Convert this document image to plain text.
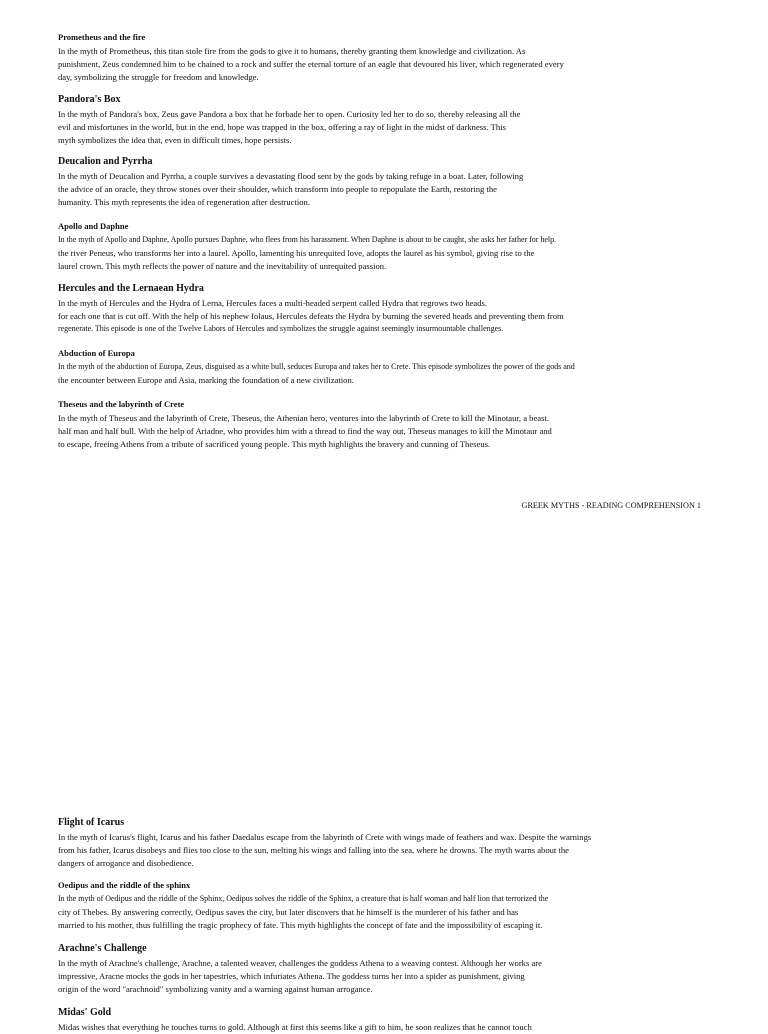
Prometheus and the fire

In the myth of Prometheus, this titan stole fire from the gods to give it to humans, thereby granting them knowledge and civilization. As

punishment, Zeus condemned him to be chained to a rock and suffer the eternal torture of an eagle that devoured his liver, which regenerated every

day, symbolizing the struggle for freedom and knowledge.

Pandora's Box

In the myth of Pandora's box, Zeus gave Pandora a box that he forbade her to open. Curiosity led her to do so, thereby releasing all the

evil and misfortunes in the world, but in the end, hope was trapped in the box, offering a ray of light in the midst of darkness. This

myth symbolizes the idea that, even in difficult times, hope persists.

Deucalion and Pyrrha

In the myth of Deucalion and Pyrrha, a couple survives a devastating flood sent by the gods by taking refuge in a boat. Later, following

the advice of an oracle, they throw stones over their shoulder, which transform into people to repopulate the Earth, restoring the

humanity. This myth represents the idea of regeneration after destruction.

Apollo and Daphne

In the myth of Apollo and Daphne, Apollo pursues Daphne, who flees from his harassment. When Daphne is about to be caught, she asks her father for help.

the river Peneus, who transforms her into a laurel. Apollo, lamenting his unrequited love, adopts the laurel as his symbol, giving rise to the

laurel crown. This myth reflects the power of nature and the inevitability of unrequited passion.

Hercules and the Lernaean Hydra

In the myth of Hercules and the Hydra of Lerna, Hercules faces a multi-headed serpent called Hydra that regrows two heads.

for each one that is cut off. With the help of his nephew Iolaus, Hercules defeats the Hydra by burning the severed heads and preventing them from

regenerate. This episode is one of the Twelve Labors of Hercules and symbolizes the struggle against seemingly insurmountable challenges.

Abduction of Europa

In the myth of the abduction of Europa, Zeus, disguised as a white bull, seduces Europa and takes her to Crete. This episode symbolizes the power of the gods and

the encounter between Europe and Asia, marking the foundation of a new civilization.

Theseus and the labyrinth of Crete

In the myth of Theseus and the labyrinth of Crete, Theseus, the Athenian hero, ventures into the labyrinth of Crete to kill the Minotaur, a beast.

half man and half bull. With the help of Ariadne, who provides him with a thread to find the way out, Theseus manages to kill the Minotaur and

to escape, freeing Athens from a tribute of sacrificed young people. This myth highlights the bravery and cunning of Theseus.

GREEK MYTHS - READING COMPREHENSION 1
Flight of Icarus

In the myth of Icarus's flight, Icarus and his father Daedalus escape from the labyrinth of Crete with wings made of feathers and wax. Despite the warnings

from his father, Icarus disobeys and flies too close to the sun, melting his wings and falling into the sea, where he drowns. The myth warns about the

dangers of arrogance and disobedience.

Oedipus and the riddle of the sphinx

In the myth of Oedipus and the riddle of the Sphinx, Oedipus solves the riddle of the Sphinx, a creature that is half woman and half lion that terrorized the

city of Thebes. By answering correctly, Oedipus saves the city, but later discovers that he himself is the murderer of his father and has

married to his mother, thus fulfilling the tragic prophecy of fate. This myth highlights the concept of fate and the impossibility of escaping it.

Arachne's Challenge

In the myth of Arachne's challenge, Arachne, a talented weaver, challenges the goddess Athena to a weaving contest. Although her works are

impressive, Aracne mocks the gods in her tapestries, which infuriates Athena. The goddess turns her into a spider as punishment, giving

origin of the word "arachnoid" symbolizing vanity and a warning against human arrogance.

Midas' Gold

Midas wishes that everything he touches turns to gold. Although at first this seems like a gift to him, he soon realizes that he cannot touch
